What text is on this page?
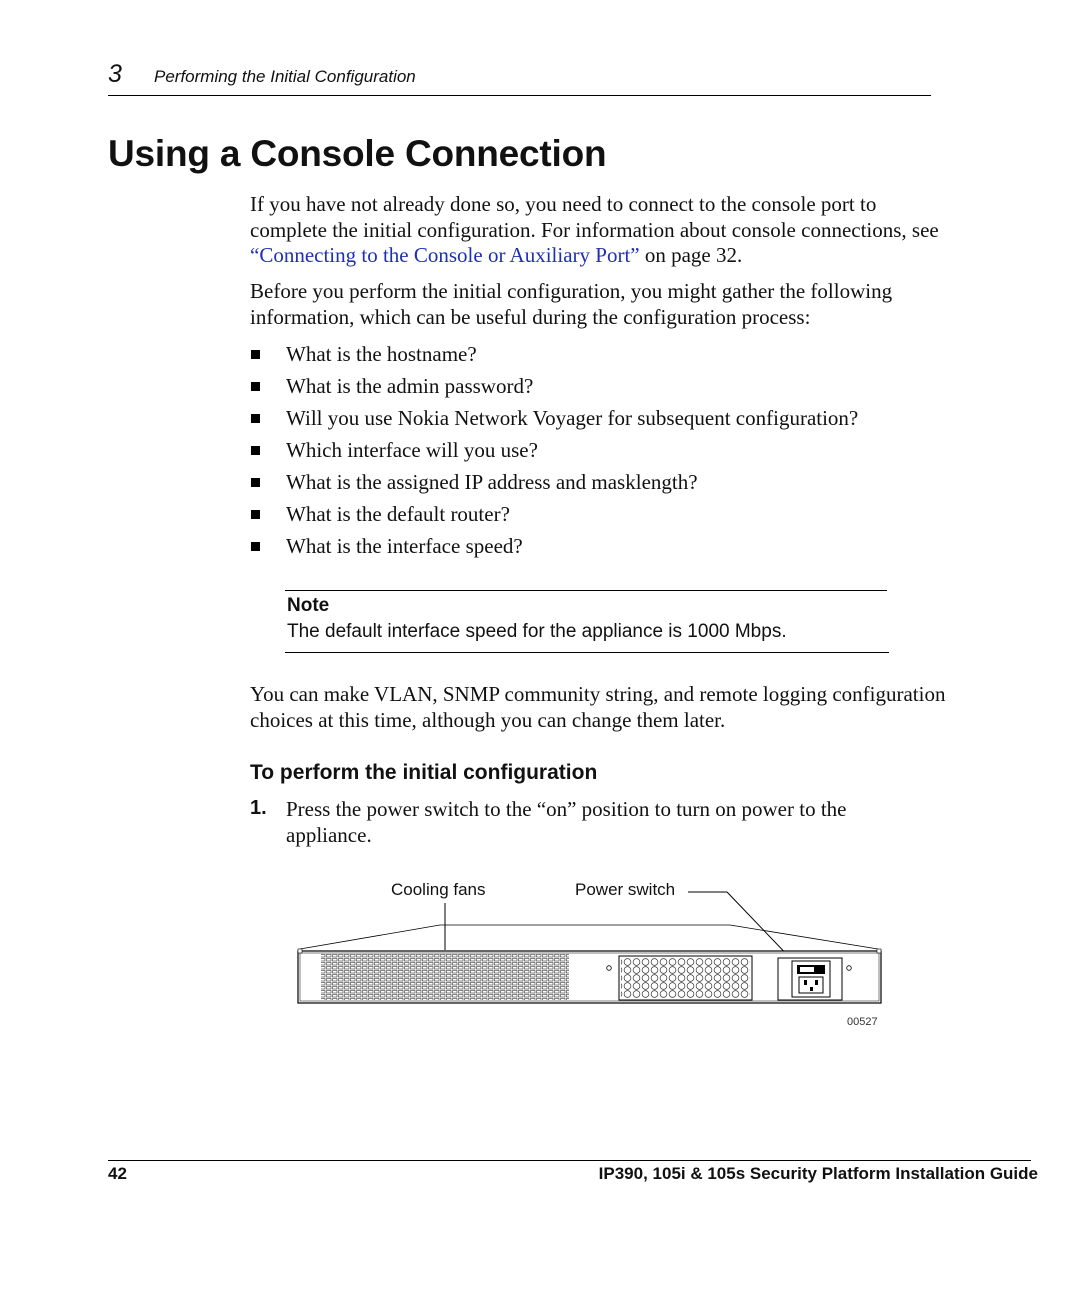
3 Performing the Initial Configuration
Using a Console Connection

If you have not already done so, you need to connect to the console port to complete the initial configuration. For information about console connections, see “Connecting to the Console or Auxiliary Port” on page 32.

Before you perform the initial configuration, you might gather the following information, which can be useful during the configuration process:

What is the hostname?
What is the admin password?
Will you use Nokia Network Voyager for subsequent configuration?
Which interface will you use?
What is the assigned IP address and masklength?
What is the default router?
What is the interface speed?
Note
The default interface speed for the appliance is 1000 Mbps.

You can make VLAN, SNMP community string, and remote logging configuration choices at this time, although you can change them later.

To perform the initial configuration
1. Press the power switch to the “on” position to turn on power to the appliance.
Cooling fans	Power switch
00527
42	IP390, 105i & 105s Security Platform Installation Guide
